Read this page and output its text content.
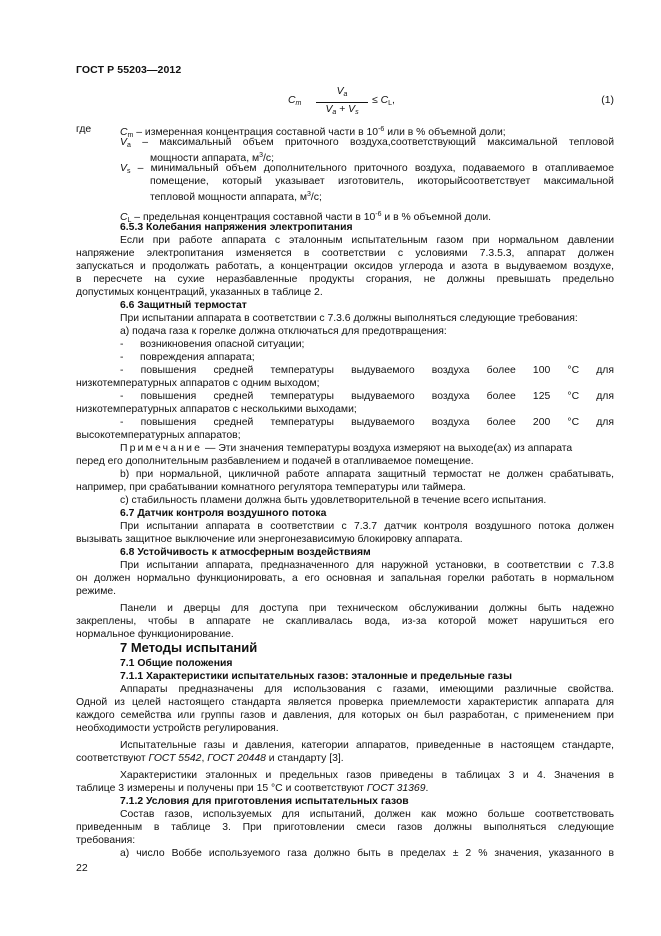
ГОСТ Р 55203—2012
$C_m$
$V_a$
$V_a + V_s$
≤ $C_L$,	(1)
где	$C_m$ – измеренная концентрация составной части в $10^{-6}$ или в % объемной доли;
$V_a$ – максимальный объем приточного воздуха,соответствующий максимальной тепловой
мощности аппарата, $м^3/с$;
$V_s$ – минимальный объем дополнительного приточного воздуха, подаваемого в отапливаемое
помещение, который указывает изготовитель, икоторыйсоответствует максимальной
тепловой мощности аппарата, $м^3/с$;
$C_L$ – предельная концентрация составной части в $10^{-6}$ и в % объемной доли.
6.5.3 Колебания напряжения электропитания
Если при работе аппарата с эталонным испытательным газом при нормальном давлении
напряжение электропитания изменяется в соответствии с условиями 7.3.5.3, аппарат должен
запускаться и продолжать работать, а концентрации оксидов углерода и азота в выдуваемом воздухе,
в пересчете на сухие неразбавленные продукты сгорания, не должны превышать предельно
допустимых концентраций, указанных в таблице 2.
6.6 Защитный термостат
При испытании аппарата в соответствии с 7.3.6 должны выполняться следующие требования:
а) подача газа к горелке должна отключаться для предотвращения:
- возникновения опасной ситуации;
- повреждения аппарата;
- повышения средней температуры выдуваемого воздуха более 100 °С для
низкотемпературных аппаратов с одним выходом;
- повышения средней температуры выдуваемого воздуха более 125 °С для
низкотемпературных аппаратов с несколькими выходами;
- повышения средней температуры выдуваемого воздуха более 200 °С для
высокотемпературных аппаратов;
Примечание — Эти значения температуры воздуха измеряют на выходе(ах) из аппарата
перед его дополнительным разбавлением и подачей в отапливаемое помещение.
b) при нормальной, цикличной работе аппарата защитный термостат не должен срабатывать,
например, при срабатывании комнатного регулятора температуры или таймера.
c) стабильность пламени должна быть удовлетворительной в течение всего испытания.
6.7 Датчик контроля воздушного потока
При испытании аппарата в соответствии с 7.3.7 датчик контроля воздушного потока должен
вызывать защитное выключение или энергонезависимую блокировку аппарата.
6.8 Устойчивость к атмосферным воздействиям
При испытании аппарата, предназначенного для наружной установки, в соответствии с 7.3.8
он должен нормально функционировать, а его основная и запальная горелки работать в нормальном
режиме.
Панели и дверцы для доступа при техническом обслуживании должны быть надежно
закреплены, чтобы в аппарате не скапливалась вода, из-за которой может нарушиться его
нормальное функционирование.
7 Методы испытаний
7.1 Общие положения
7.1.1 Характеристики испытательных газов: эталонные и предельные газы
Аппараты предназначены для использования с газами, имеющими различные свойства.
Одной из целей настоящего стандарта является проверка приемлемости характеристик аппарата для
каждого семейства или группы газов и давления, для которых он был разработан, с применением при
необходимости устройств регулирования.
Испытательные газы и давления, категории аппаратов, приведенные в настоящем стандарте,
соответствуют ГОСТ 5542, ГОСТ 20448 и стандарту [3].
Характеристики эталонных и предельных газов приведены в таблицах 3 и 4. Значения в
таблице 3 измерены и получены при 15 °С и соответствуют ГОСТ 31369.
7.1.2 Условия для приготовления испытательных газов
Состав газов, используемых для испытаний, должен как можно больше соответствовать
приведенным в таблице 3. При приготовлении смеси газов должны выполняться следующие
требования:
а) число Воббе используемого газа должно быть в пределах ± 2 % значения, указанного в
22
